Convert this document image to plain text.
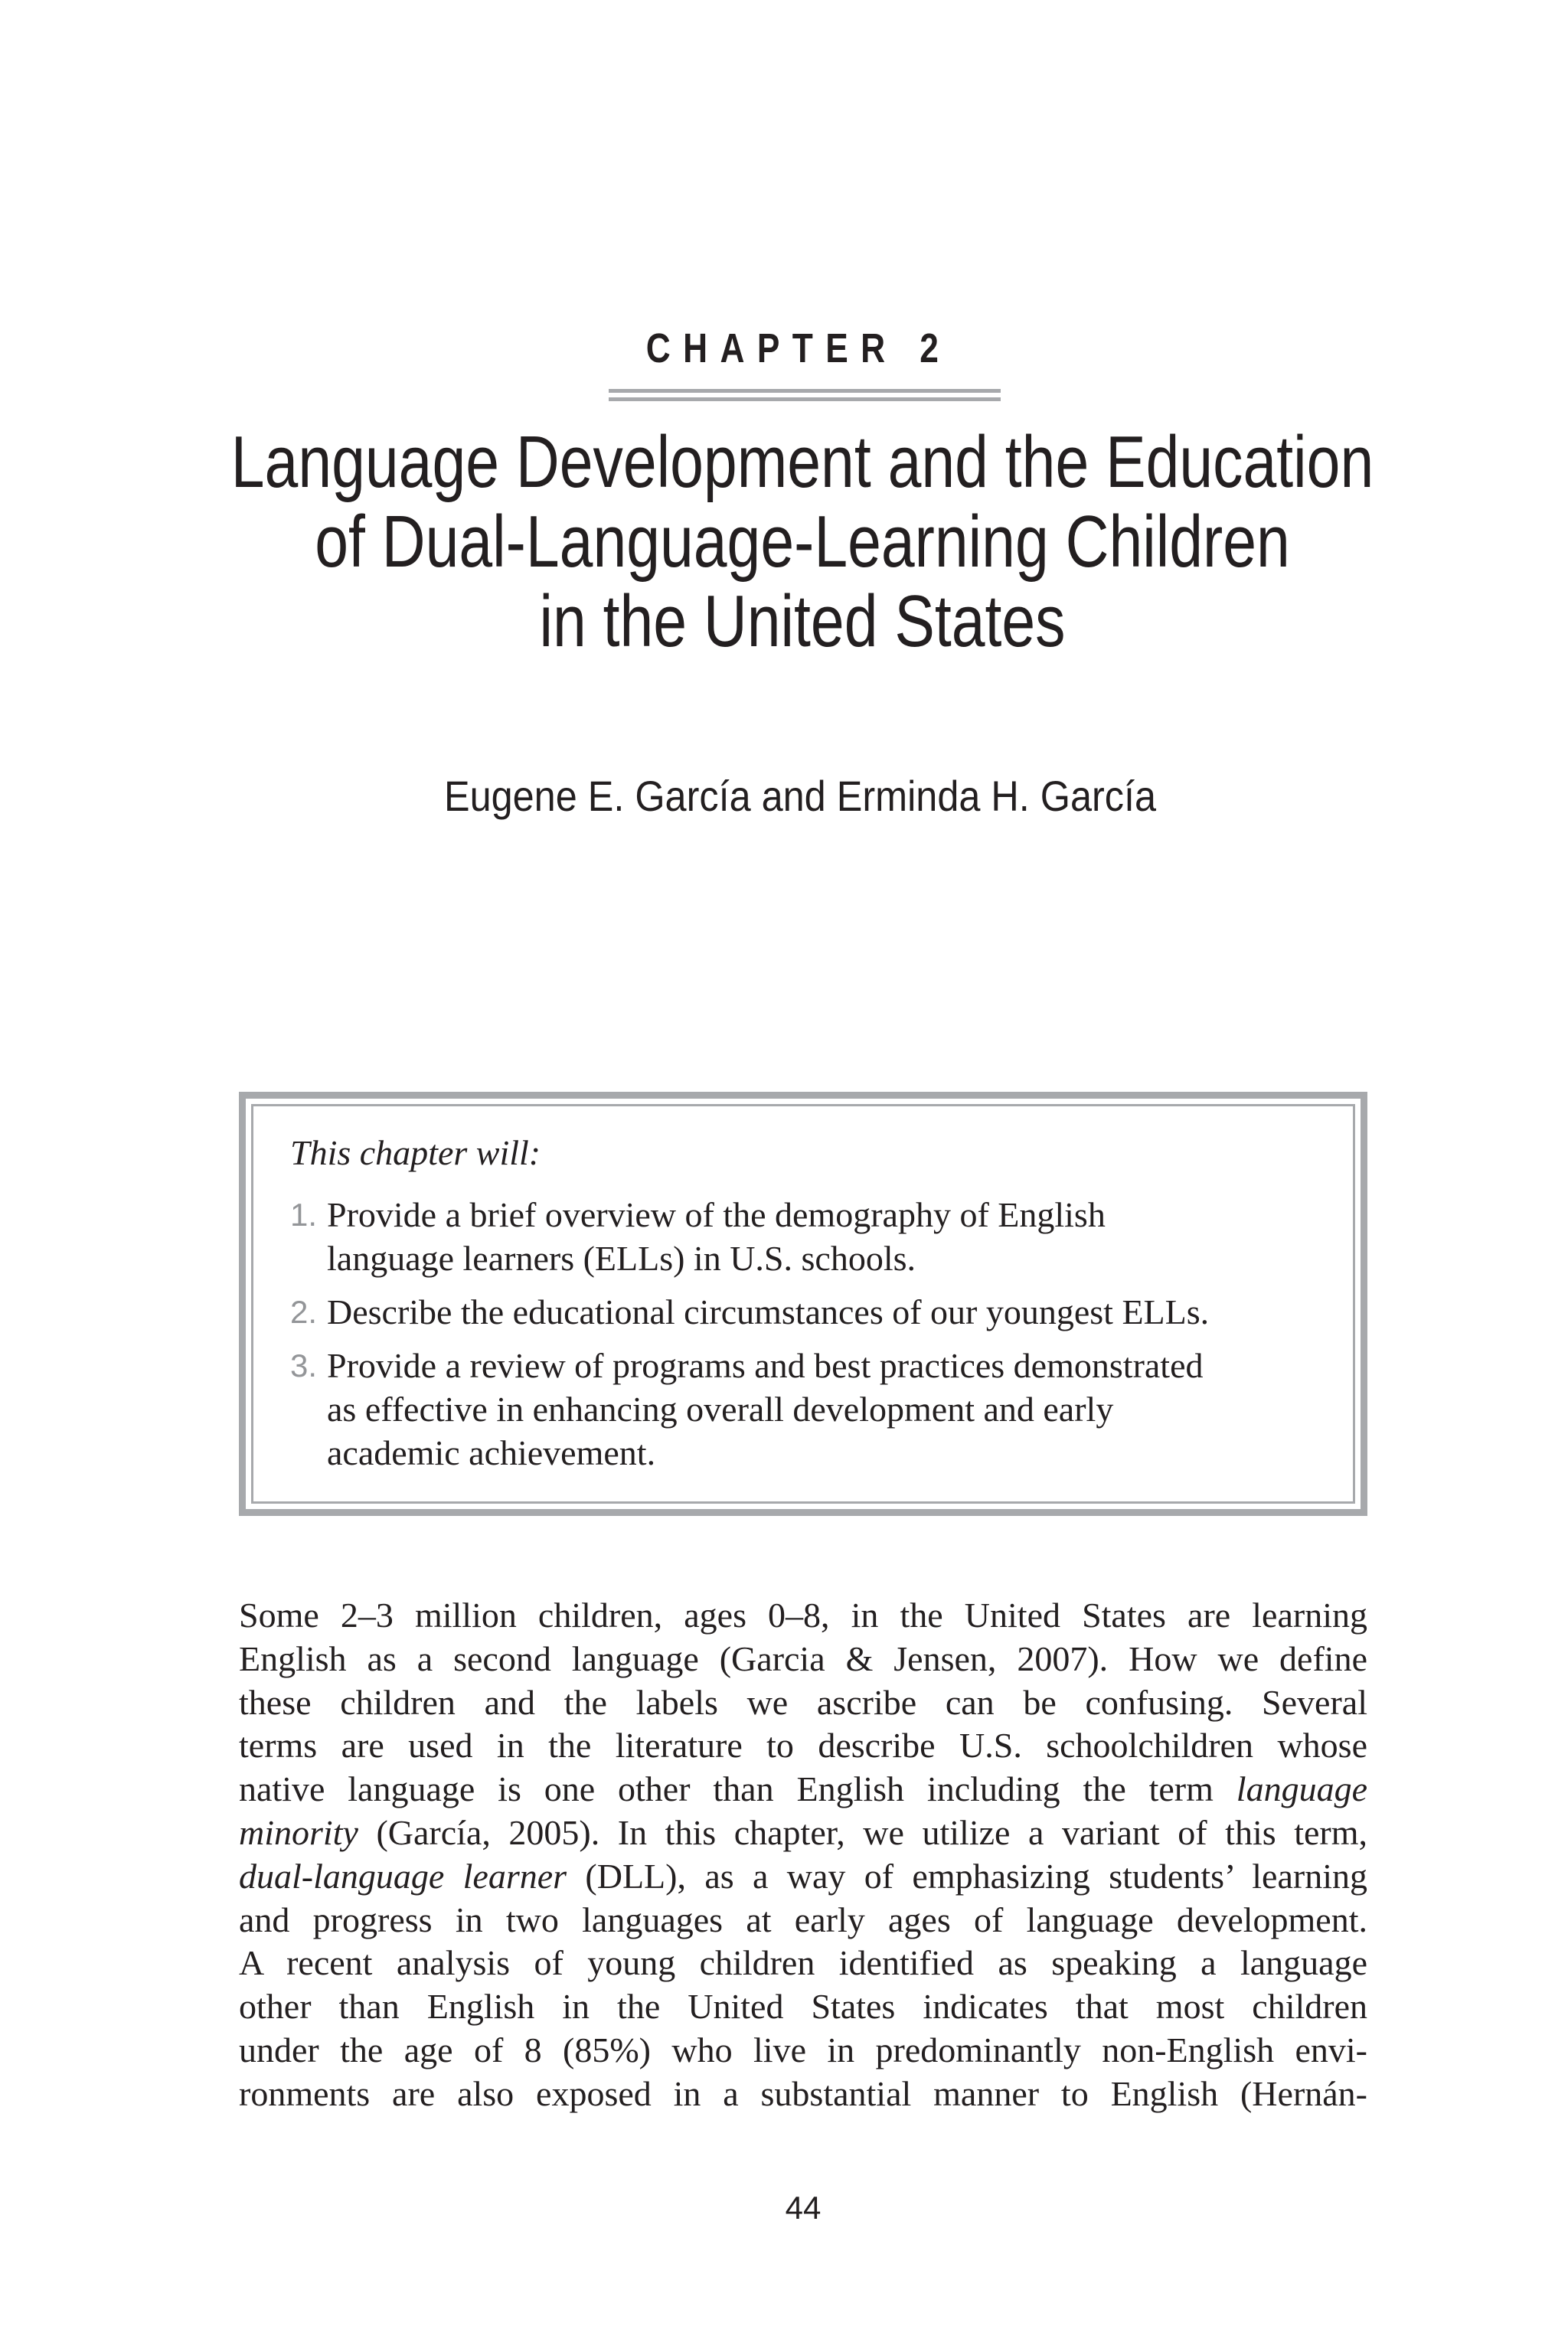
CHAPTER 2
Language Development and the Education
of Dual-Language-Learning Children
in the United States
Eugene E. García and Erminda H. García

This chapter will:

1. Provide a brief overview of the demography of English
language learners (ELLs) in U.S. schools.
2. Describe the educational circumstances of our youngest ELLs.
3. Provide a review of programs and best practices demonstrated
as effective in enhancing overall development and early
academic achievement.

Some 2–3 million children, ages 0–8, in the United States are learning
English as a second language (Garcia & Jensen, 2007). How we define
these children and the labels we ascribe can be confusing. Several
terms are used in the literature to describe U.S. schoolchildren whose
native language is one other than English including the term language
minority (García, 2005). In this chapter, we utilize a variant of this term,
dual-language learner (DLL), as a way of emphasizing students’ learning
and progress in two languages at early ages of language development.
A recent analysis of young children identified as speaking a language
other than English in the United States indicates that most children
under the age of 8 (85%) who live in predominantly non-English envi-
ronments are also exposed in a substantial manner to English (Hernán-

44
